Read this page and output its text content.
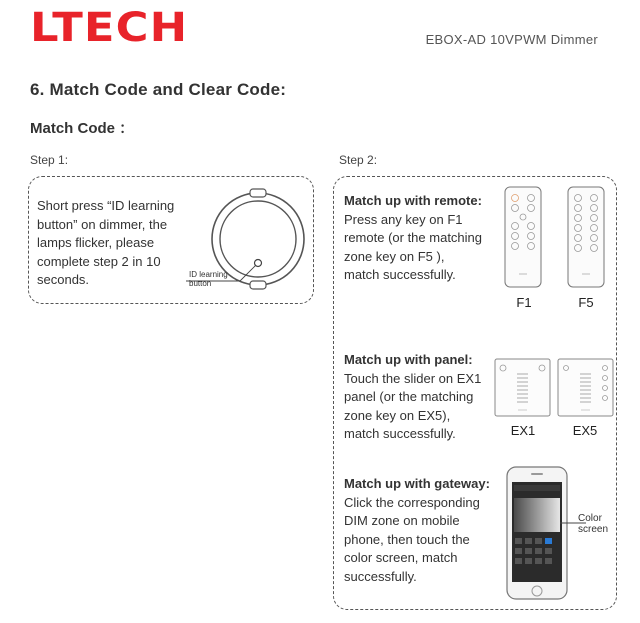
LTECH	EBOX-AD 10VPWM Dimmer
6. Match Code and Clear Code:
Match Code ：
Step 1:
Short press “ID learning
button” on dimmer, the
lamps flicker, please
complete step 2 in 10
seconds.	ID learning
button
Step 2:
Match up with remote:
Press any key on F1
remote (or the matching
zone key on F5 ),
match successfully.
F1	F5
Match up with panel:
Touch the slider on EX1
panel (or the matching
zone key on EX5),
match successfully.	EX1	EX5
Match up with gateway:
Click the corresponding
DIM zone on mobile
phone, then touch the
color screen, match
successfully.
Color
screen
